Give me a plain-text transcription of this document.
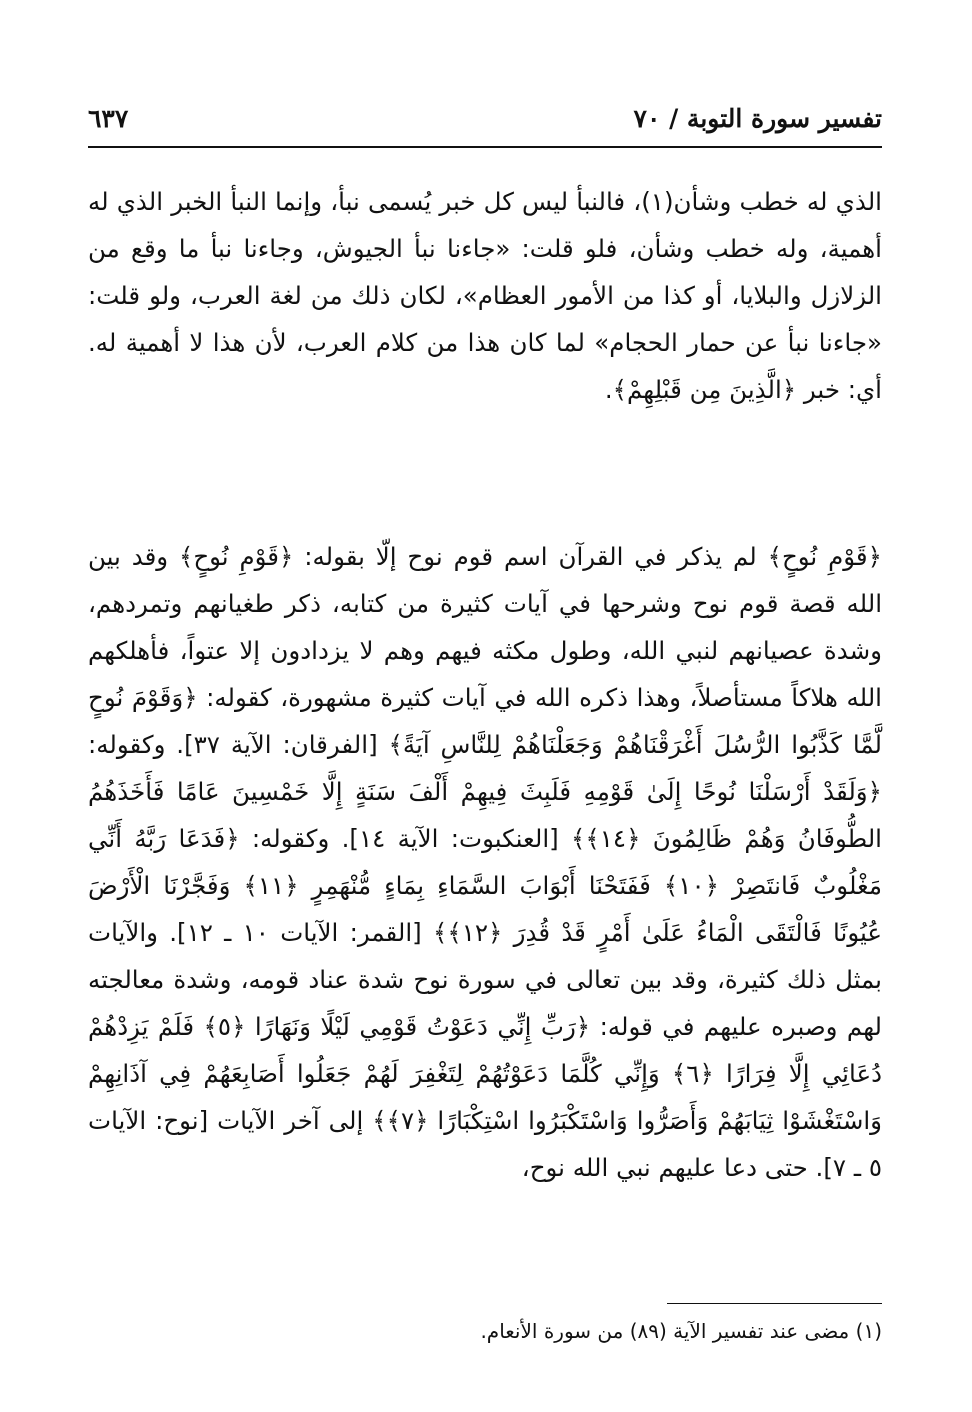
تفسير سورة التوبة / ٧٠
٦٣٧
الذي له خطب وشأن(١)، فالنبأ ليس كل خبر يُسمى نبأ، وإنما النبأ الخبر الذي له أهمية، وله خطب وشأن، فلو قلت: «جاءنا نبأ الجيوش، وجاءنا نبأ ما وقع من الزلازل والبلايا، أو كذا من الأمور العظام»، لكان ذلك من لغة العرب، ولو قلت: «جاءنا نبأ عن حمار الحجام» لما كان هذا من كلام العرب، لأن هذا لا أهمية له. أي: خبر ﴿الَّذِينَ مِن قَبْلِهِمْ﴾.
﴿قَوْمِ نُوحٍ﴾ لم يذكر في القرآن اسم قوم نوح إلّا بقوله: ﴿قَوْمِ نُوحٍ﴾ وقد بين الله قصة قوم نوح وشرحها في آيات كثيرة من كتابه، ذكر طغيانهم وتمردهم، وشدة عصيانهم لنبي الله، وطول مكثه فيهم وهم لا يزدادون إلا عتواً، فأهلكهم الله هلاكاً مستأصلاً، وهذا ذكره الله في آيات كثيرة مشهورة، كقوله: ﴿وَقَوْمَ نُوحٍ لَّمَّا كَذَّبُوا الرُّسُلَ أَغْرَقْنَاهُمْ وَجَعَلْنَاهُمْ لِلنَّاسِ آيَةً﴾ [الفرقان: الآية ٣٧]. وكقوله: ﴿وَلَقَدْ أَرْسَلْنَا نُوحًا إِلَىٰ قَوْمِهِ فَلَبِثَ فِيهِمْ أَلْفَ سَنَةٍ إِلَّا خَمْسِينَ عَامًا فَأَخَذَهُمُ الطُّوفَانُ وَهُمْ ظَالِمُونَ ﴿١٤﴾﴾ [العنكبوت: الآية ١٤]. وكقوله: ﴿فَدَعَا رَبَّهُ أَنِّي مَغْلُوبٌ فَانتَصِرْ ﴿١٠﴾ فَفَتَحْنَا أَبْوَابَ السَّمَاءِ بِمَاءٍ مُّنْهَمِرٍ ﴿١١﴾ وَفَجَّرْنَا الْأَرْضَ عُيُونًا فَالْتَقَى الْمَاءُ عَلَىٰ أَمْرٍ قَدْ قُدِرَ ﴿١٢﴾﴾ [القمر: الآيات ١٠ ـ ١٢]. والآيات بمثل ذلك كثيرة، وقد بين تعالى في سورة نوح شدة عناد قومه، وشدة معالجته لهم وصبره عليهم في قوله: ﴿رَبِّ إِنِّي دَعَوْتُ قَوْمِي لَيْلًا وَنَهَارًا ﴿٥﴾ فَلَمْ يَزِدْهُمْ دُعَائِي إِلَّا فِرَارًا ﴿٦﴾ وَإِنِّي كُلَّمَا دَعَوْتُهُمْ لِتَغْفِرَ لَهُمْ جَعَلُوا أَصَابِعَهُمْ فِي آذَانِهِمْ وَاسْتَغْشَوْا ثِيَابَهُمْ وَأَصَرُّوا وَاسْتَكْبَرُوا اسْتِكْبَارًا ﴿٧﴾﴾ إلى آخر الآيات [نوح: الآيات ٥ ـ ٧]. حتى دعا عليهم نبي الله نوح،
(١) مضى عند تفسير الآية (٨٩) من سورة الأنعام.
